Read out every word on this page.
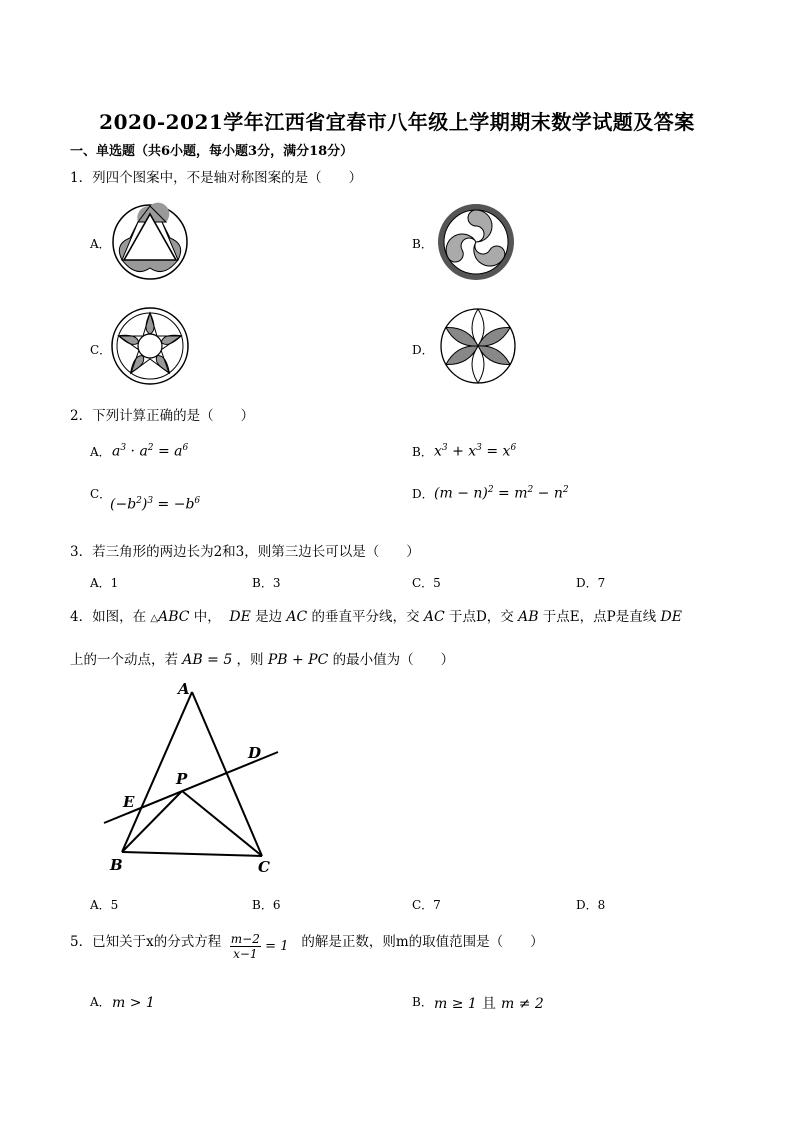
2020-2021学年江西省宜春市八年级上学期期末数学试题及答案
一、单选题（共6小题，每小题3分，满分18分）
1．列四个图案中，不是轴对称图案的是（　　）
A．	B．
C．	D．
2．下列计算正确的是（　　）
A． $a^3 \cdot a^2 = a^6$	B． $x^3 + x^3 = x^6$
C．
$(-b^2)^3 = -b^6$	D． $(m - n)^2 = m^2 - n^2$
3．若三角形的两边长为2和3，则第三边长可以是（　　）
A．1	B．3	C．5	D．7
4．如图，在 △ABC 中， DE 是边 AC 的垂直平分线，交 AC 于点D，交 AB 于点E，点P是直线 DE
上的一个动点，若 AB = 5 ，则 PB + PC 的最小值为（　　）
A
D
P
E
B	C
A．5	B．6	C．7	D．8
5．已知关于x的分式方程 $\frac{m-2}{x-1} = 1$ 的解是正数，则m的取值范围是（　　）
A． m > 1	B． m ≥ 1 且 m ≠ 2
